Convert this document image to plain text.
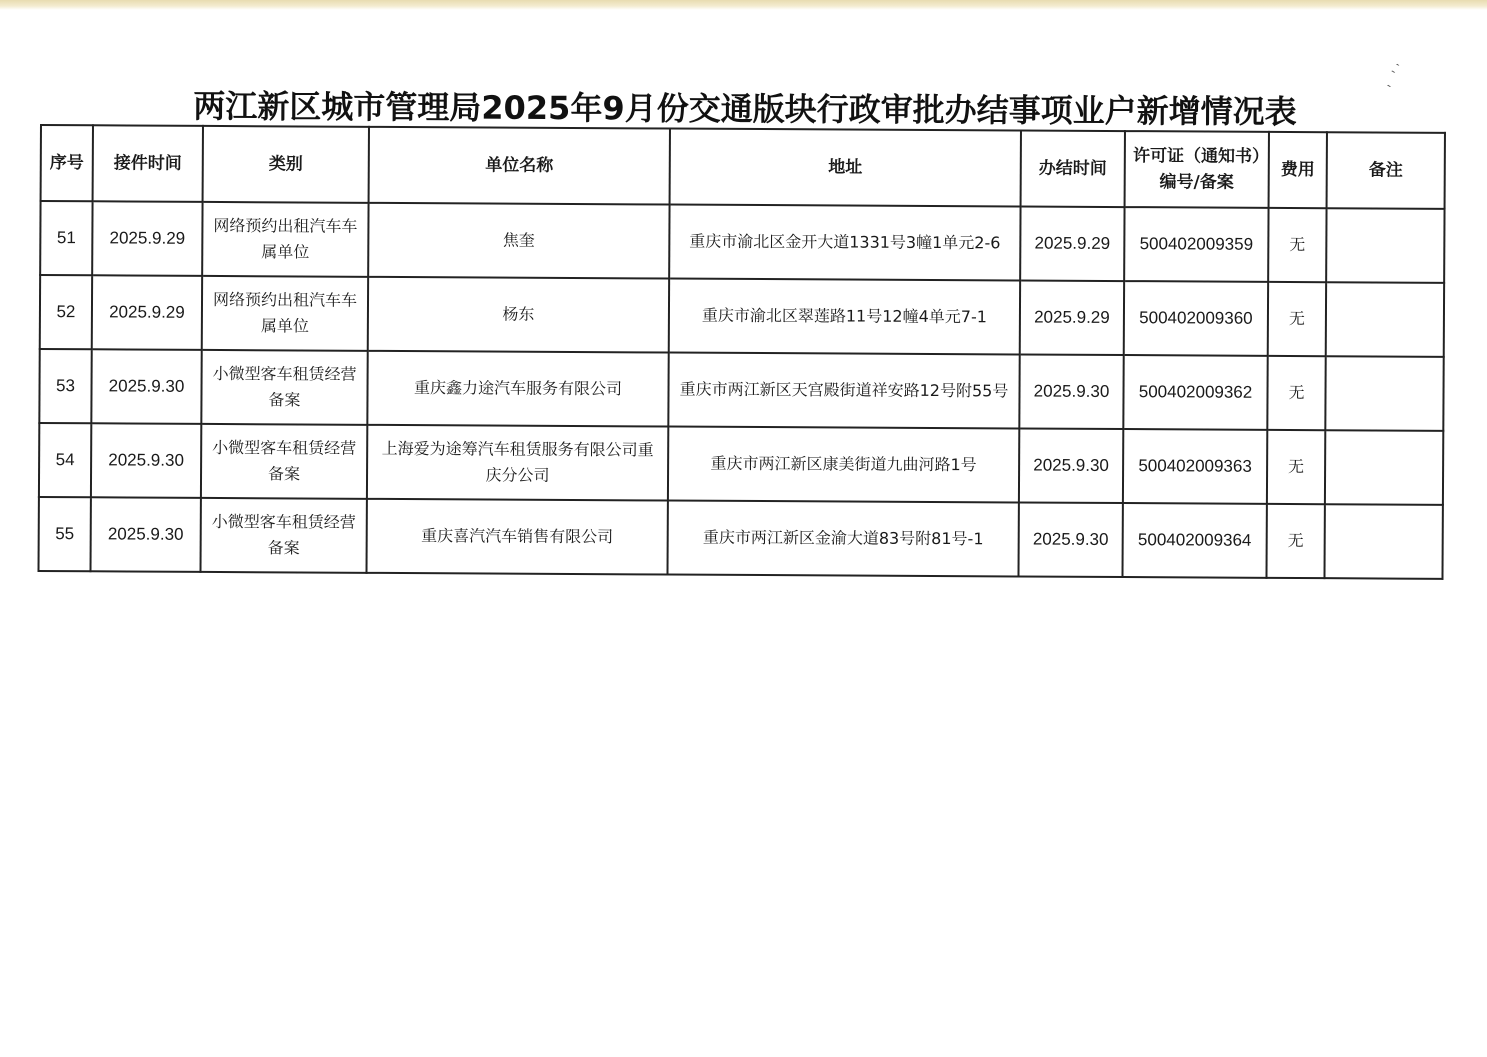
ˎ˴
ˎ
两江新区城市管理局2025年9月份交通版块行政审批办结事项业户新增情况表
序号	接件时间	类别	单位名称	地址	办结时间	许可证（通知书）编号/备案	费用	备注
51	2025.9.29	网络预约出租汽车车属单位	焦奎	重庆市渝北区金开大道1331号3幢1单元2-6	2025.9.29	500402009359	无	
52	2025.9.29	网络预约出租汽车车属单位	杨东	重庆市渝北区翠莲路11号12幢4单元7-1	2025.9.29	500402009360	无	
53	2025.9.30	小微型客车租赁经营备案	重庆鑫力途汽车服务有限公司	重庆市两江新区天宫殿街道祥安路12号附55号	2025.9.30	500402009362	无	
54	2025.9.30	小微型客车租赁经营备案	上海爱为途筹汽车租赁服务有限公司重庆分公司	重庆市两江新区康美街道九曲河路1号	2025.9.30	500402009363	无	
55	2025.9.30	小微型客车租赁经营备案	重庆喜汽汽车销售有限公司	重庆市两江新区金渝大道83号附81号-1	2025.9.30	500402009364	无	
